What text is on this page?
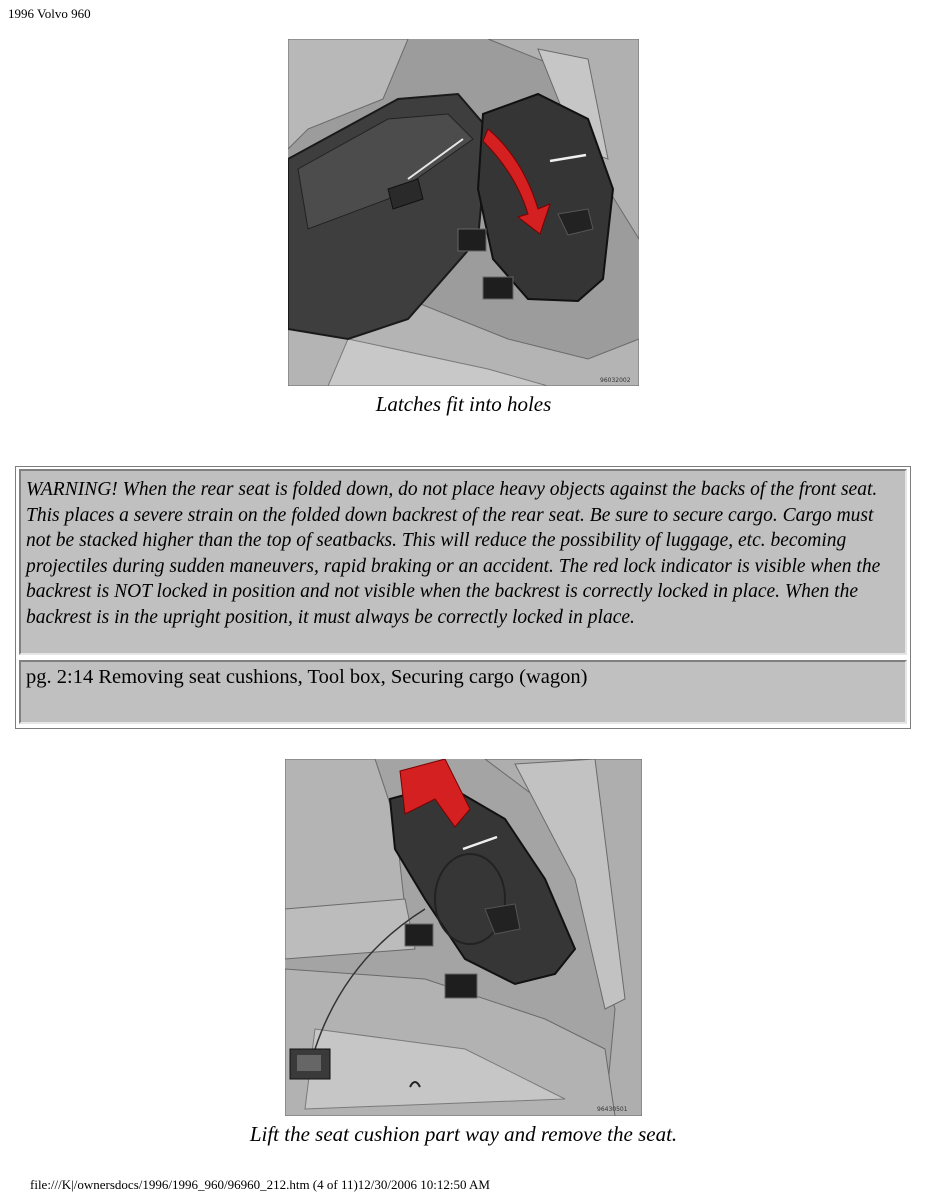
1996 Volvo 960
96032002
Latches fit into holes
WARNING! When the rear seat is folded down, do not place heavy objects against the backs of the front seat. This places a severe strain on the folded down backrest of the rear seat. Be sure to secure cargo. Cargo must not be stacked higher than the top of seatbacks. This will reduce the possibility of luggage, etc. becoming projectiles during sudden maneuvers, rapid braking or an accident. The red lock indicator is visible when the backrest is NOT locked in position and not visible when the backrest is correctly locked in place. When the backrest is in the upright position, it must always be correctly locked in place.
pg. 2:14 Removing seat cushions, Tool box, Securing cargo (wagon)
96430501
Lift the seat cushion part way and remove the seat.
file:///K|/ownersdocs/1996/1996_960/96960_212.htm (4 of 11)12/30/2006 10:12:50 AM
